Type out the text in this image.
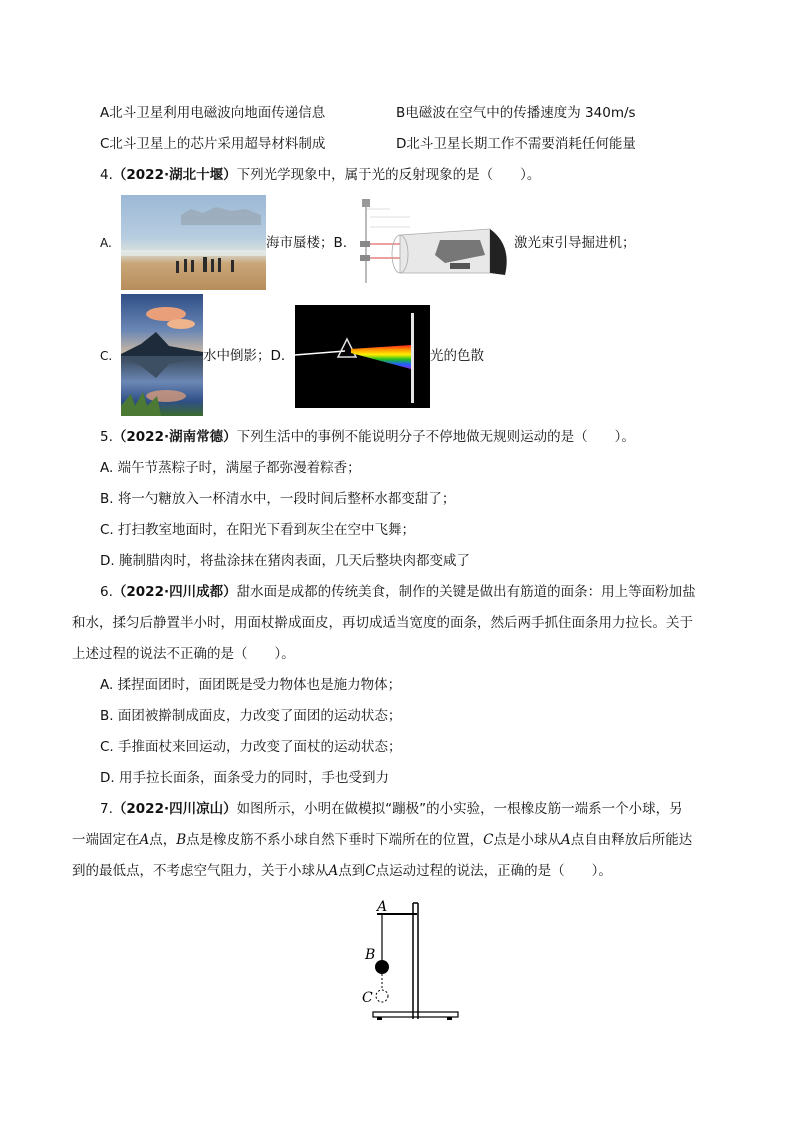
A北斗卫星利用电磁波向地面传递信息	B电磁波在空气中的传播速度为 340m/s
C北斗卫星上的芯片采用超导材料制成	D北斗卫星长期工作不需要消耗任何能量
4.（2022·湖北十堰）下列光学现象中，属于光的反射现象的是（　　）。
A.	海市蜃楼；B.	激光束引导掘进机；
C.	水中倒影；D.	光的色散
5.（2022·湖南常德）下列生活中的事例不能说明分子不停地做无规则运动的是（　　）。
A. 端午节蒸粽子时，满屋子都弥漫着粽香；
B. 将一勺糖放入一杯清水中，一段时间后整杯水都变甜了；
C. 打扫教室地面时，在阳光下看到灰尘在空中飞舞；
D. 腌制腊肉时，将盐涂抹在猪肉表面，几天后整块肉都变咸了
6.（2022·四川成都）甜水面是成都的传统美食，制作的关键是做出有筋道的面条：用上等面粉加盐
和水，揉匀后静置半小时，用面杖擀成面皮，再切成适当宽度的面条，然后两手抓住面条用力拉长。关于
上述过程的说法不正确的是（　　）。
A. 揉捏面团时，面团既是受力物体也是施力物体；
B. 面团被擀制成面皮，力改变了面团的运动状态；
C. 手推面杖来回运动，力改变了面杖的运动状态；
D. 用手拉长面条，面条受力的同时，手也受到力
7.（2022·四川凉山）如图所示，小明在做模拟“蹦极”的小实验，一根橡皮筋一端系一个小球，另
一端固定在A点，B点是橡皮筋不系小球自然下垂时下端所在的位置，C点是小球从A点自由释放后所能达
到的最低点，不考虑空气阻力，关于小球从A点到C点运动过程的说法，正确的是（　　）。
A
B
C
